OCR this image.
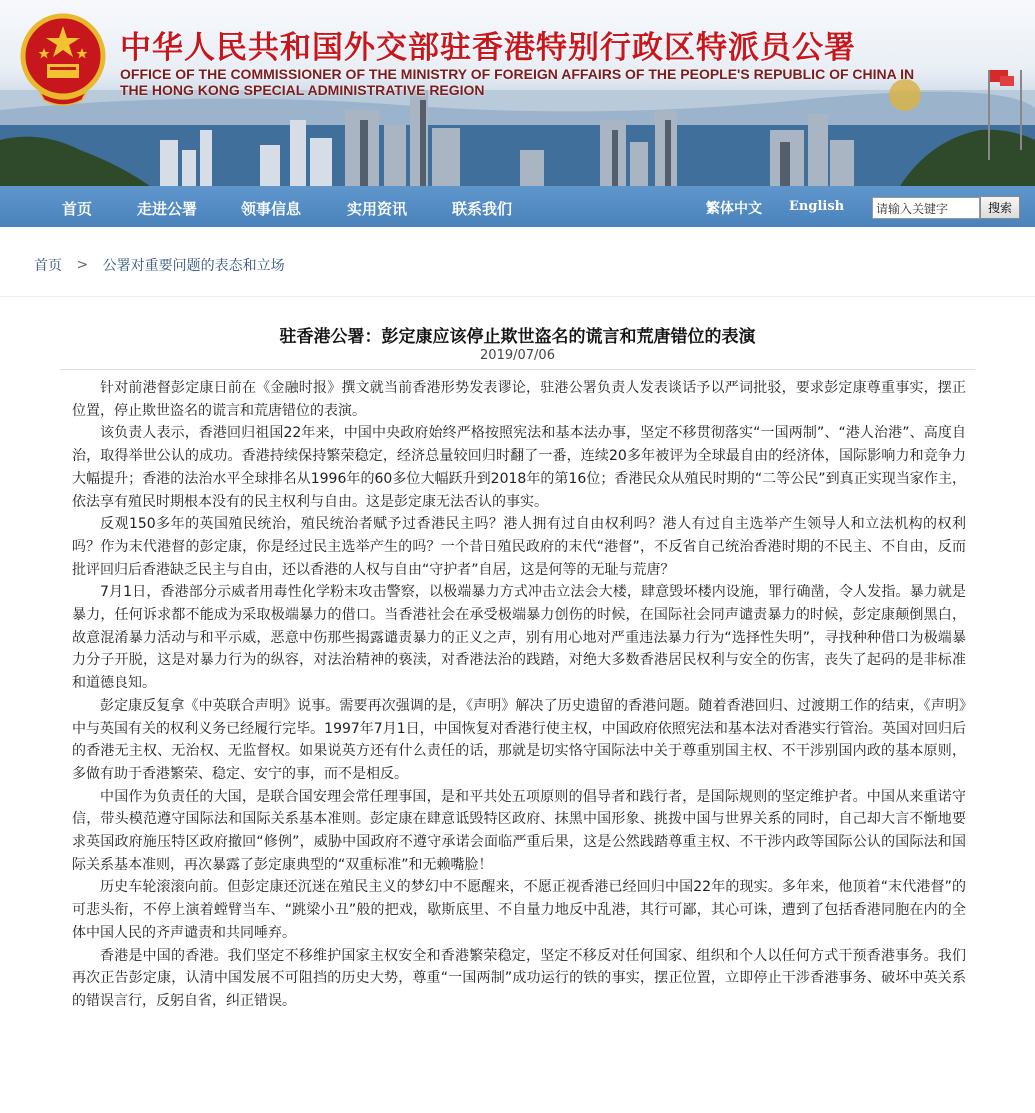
中华人民共和国外交部驻香港特别行政区特派员公署
OFFICE OF THE COMMISSIONER OF THE MINISTRY OF FOREIGN AFFAIRS OF THE PEOPLE'S REPUBLIC OF CHINA IN
THE HONG KONG SPECIAL ADMINISTRATIVE REGION
首页	走进公署	领事信息	实用资讯	联系我们	繁体中文 English
请输入关键字	搜索
首页 > 公署对重要问题的表态和立场
驻香港公署：彭定康应该停止欺世盗名的谎言和荒唐错位的表演
2019/07/06

针对前港督彭定康日前在《金融时报》撰文就当前香港形势发表谬论，驻港公署负责人发表谈话予以严词批驳，要求彭定康尊重事实，摆正位置，停止欺世盗名的谎言和荒唐错位的表演。

该负责人表示，香港回归祖国22年来，中国中央政府始终严格按照宪法和基本法办事，坚定不移贯彻落实“一国两制”、“港人治港”、高度自治，取得举世公认的成功。香港持续保持繁荣稳定，经济总量较回归时翻了一番，连续20多年被评为全球最自由的经济体，国际影响力和竞争力大幅提升；香港的法治水平全球排名从1996年的60多位大幅跃升到2018年的第16位；香港民众从殖民时期的“二等公民”到真正实现当家作主，依法享有殖民时期根本没有的民主权利与自由。这是彭定康无法否认的事实。

反观150多年的英国殖民统治，殖民统治者赋予过香港民主吗？港人拥有过自由权利吗？港人有过自主选举产生领导人和立法机构的权利吗？作为末代港督的彭定康，你是经过民主选举产生的吗？一个昔日殖民政府的末代“港督”，不反省自己统治香港时期的不民主、不自由，反而批评回归后香港缺乏民主与自由，还以香港的人权与自由“守护者”自居，这是何等的无耻与荒唐？

7月1日，香港部分示威者用毒性化学粉末攻击警察，以极端暴力方式冲击立法会大楼，肆意毁坏楼内设施，罪行确凿，令人发指。暴力就是暴力，任何诉求都不能成为采取极端暴力的借口。当香港社会在承受极端暴力创伤的时候，在国际社会同声谴责暴力的时候，彭定康颠倒黑白，故意混淆暴力活动与和平示威，恶意中伤那些揭露谴责暴力的正义之声，别有用心地对严重违法暴力行为“选择性失明”，寻找种种借口为极端暴力分子开脱，这是对暴力行为的纵容，对法治精神的亵渎，对香港法治的践踏，对绝大多数香港居民权利与安全的伤害，丧失了起码的是非标准和道德良知。

彭定康反复拿《中英联合声明》说事。需要再次强调的是，《声明》解决了历史遗留的香港问题。随着香港回归、过渡期工作的结束，《声明》中与英国有关的权利义务已经履行完毕。1997年7月1日，中国恢复对香港行使主权，中国政府依照宪法和基本法对香港实行管治。英国对回归后的香港无主权、无治权、无监督权。如果说英方还有什么责任的话，那就是切实恪守国际法中关于尊重别国主权、不干涉别国内政的基本原则，多做有助于香港繁荣、稳定、安宁的事，而不是相反。

中国作为负责任的大国，是联合国安理会常任理事国，是和平共处五项原则的倡导者和践行者，是国际规则的坚定维护者。中国从来重诺守信，带头模范遵守国际法和国际关系基本准则。彭定康在肆意诋毁特区政府、抹黑中国形象、挑拨中国与世界关系的同时，自己却大言不惭地要求英国政府施压特区政府撤回“修例”，威胁中国政府不遵守承诺会面临严重后果，这是公然践踏尊重主权、不干涉内政等国际公认的国际法和国际关系基本准则，再次暴露了彭定康典型的“双重标准”和无赖嘴脸！

历史车轮滚滚向前。但彭定康还沉迷在殖民主义的梦幻中不愿醒来，不愿正视香港已经回归中国22年的现实。多年来，他顶着“末代港督”的可悲头衔，不停上演着螳臂当车、“跳梁小丑”般的把戏，歇斯底里、不自量力地反中乱港，其行可鄙，其心可诛，遭到了包括香港同胞在内的全体中国人民的齐声谴责和共同唾弃。

香港是中国的香港。我们坚定不移维护国家主权安全和香港繁荣稳定，坚定不移反对任何国家、组织和个人以任何方式干预香港事务。我们再次正告彭定康，认清中国发展不可阻挡的历史大势，尊重“一国两制”成功运行的铁的事实，摆正位置，立即停止干涉香港事务、破坏中英关系的错误言行，反躬自省，纠正错误。
